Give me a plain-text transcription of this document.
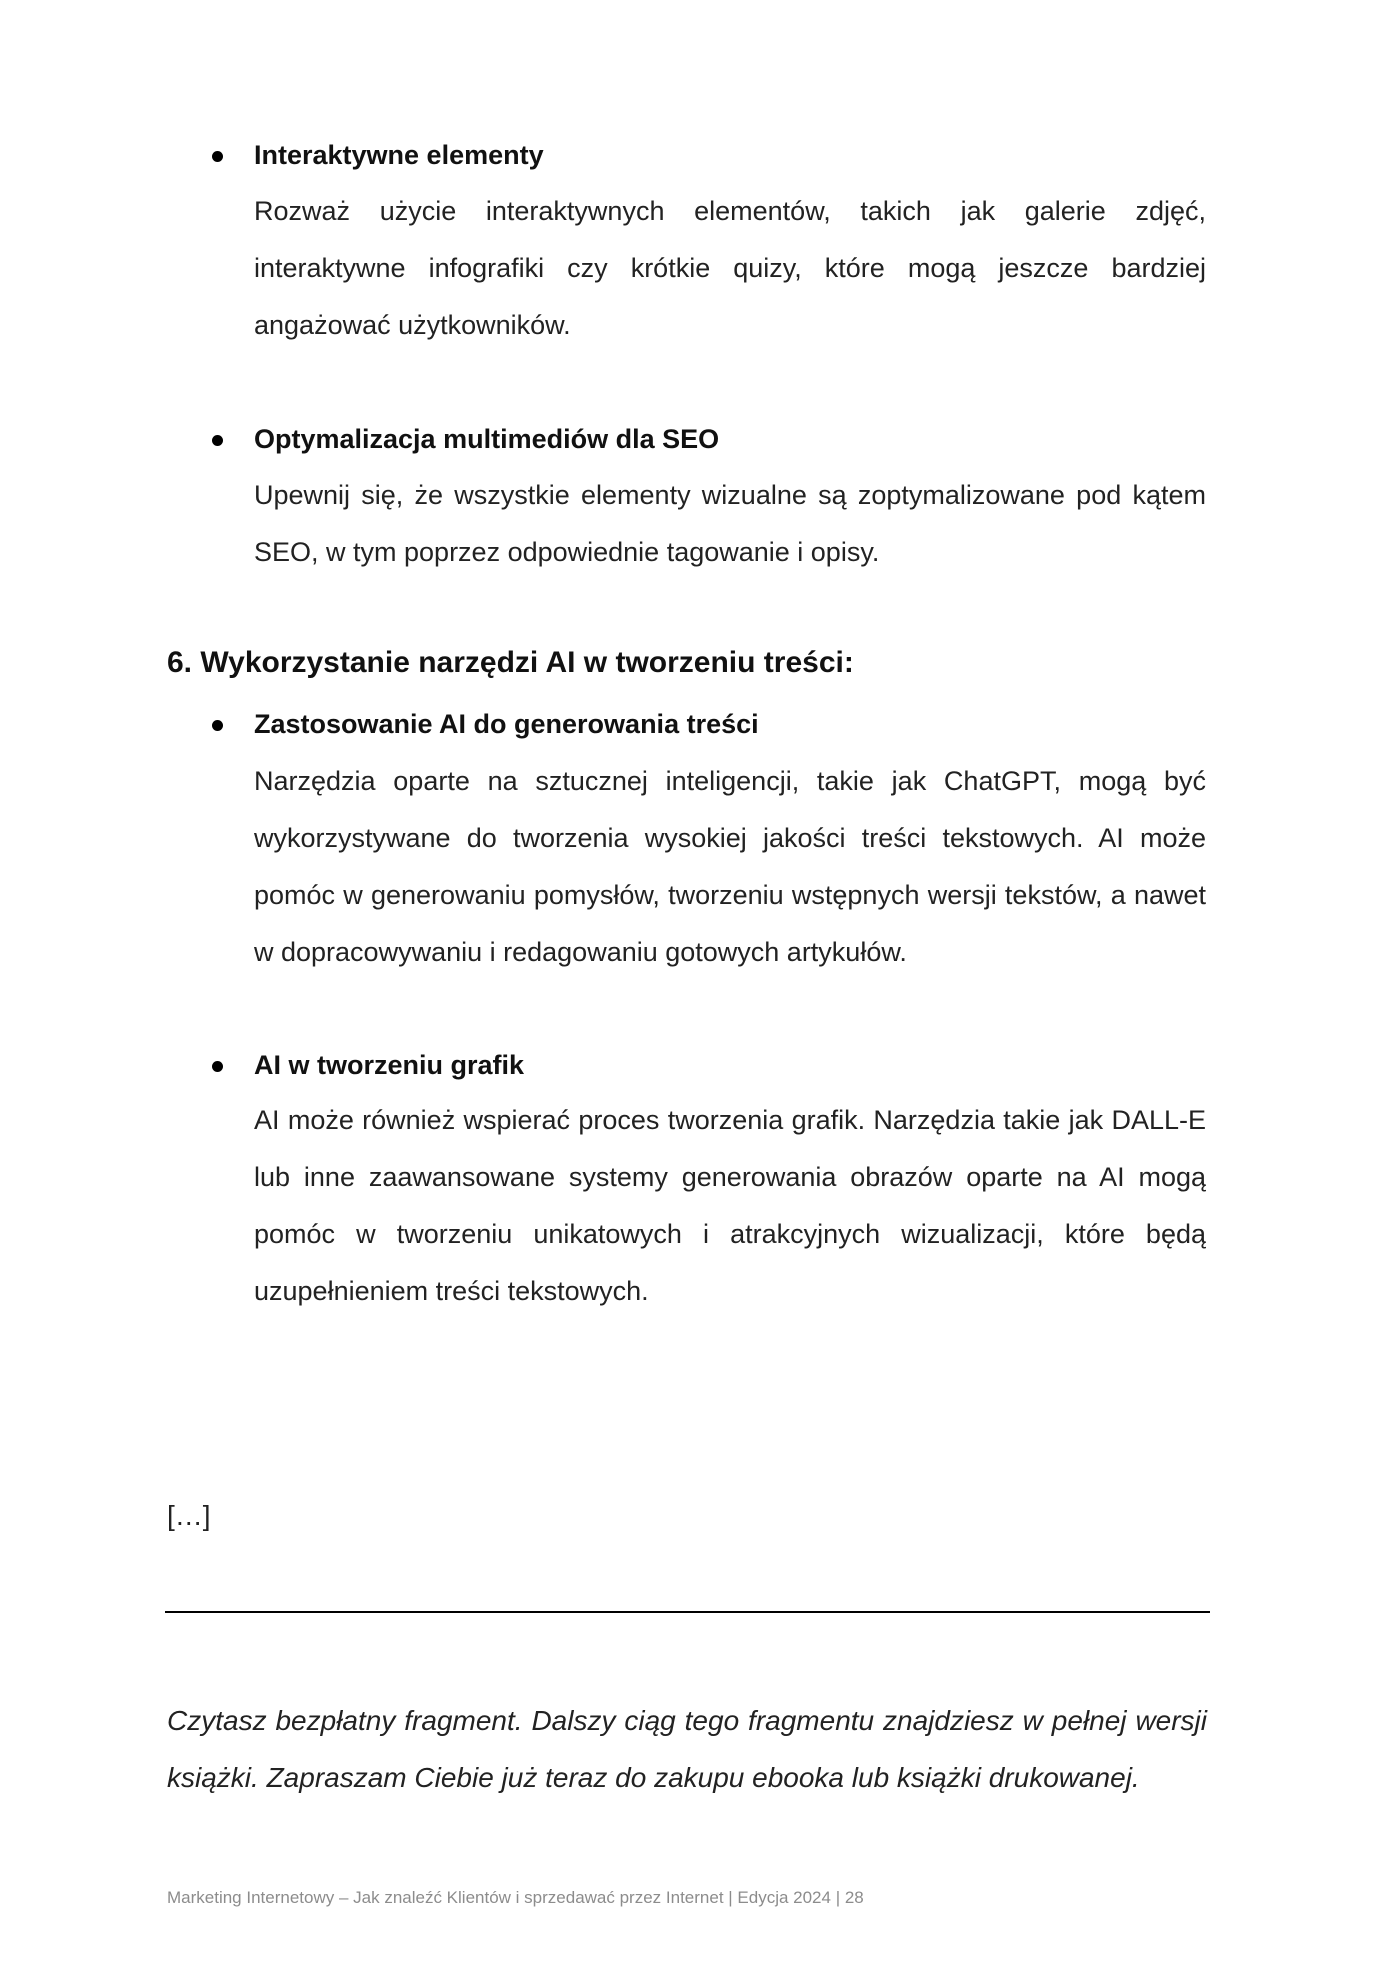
Interaktywne elementy

Rozważ użycie interaktywnych elementów, takich jak galerie zdjęć, interaktywne infografiki czy krótkie quizy, które mogą jeszcze bardziej angażować użytkowników.

Optymalizacja multimediów dla SEO

Upewnij się, że wszystkie elementy wizualne są zoptymalizowane pod kątem SEO, w tym poprzez odpowiednie tagowanie i opisy.

6. Wykorzystanie narzędzi AI w tworzeniu treści:
Zastosowanie AI do generowania treści

Narzędzia oparte na sztucznej inteligencji, takie jak ChatGPT, mogą być wykorzystywane do tworzenia wysokiej jakości treści tekstowych. AI może pomóc w generowaniu pomysłów, tworzeniu wstępnych wersji tekstów, a nawet w dopracowywaniu i redagowaniu gotowych artykułów.

AI w tworzeniu grafik

AI może również wspierać proces tworzenia grafik. Narzędzia takie jak DALL-E lub inne zaawansowane systemy generowania obrazów oparte na AI mogą pomóc w tworzeniu unikatowych i atrakcyjnych wizualizacji, które będą uzupełnieniem treści tekstowych.

[…]

Czytasz bezpłatny fragment. Dalszy ciąg tego fragmentu znajdziesz w pełnej wersji książki. Zapraszam Ciebie już teraz do zakupu ebooka lub książki drukowanej.

Marketing Internetowy – Jak znaleźć Klientów i sprzedawać przez Internet | Edycja 2024 | 28
